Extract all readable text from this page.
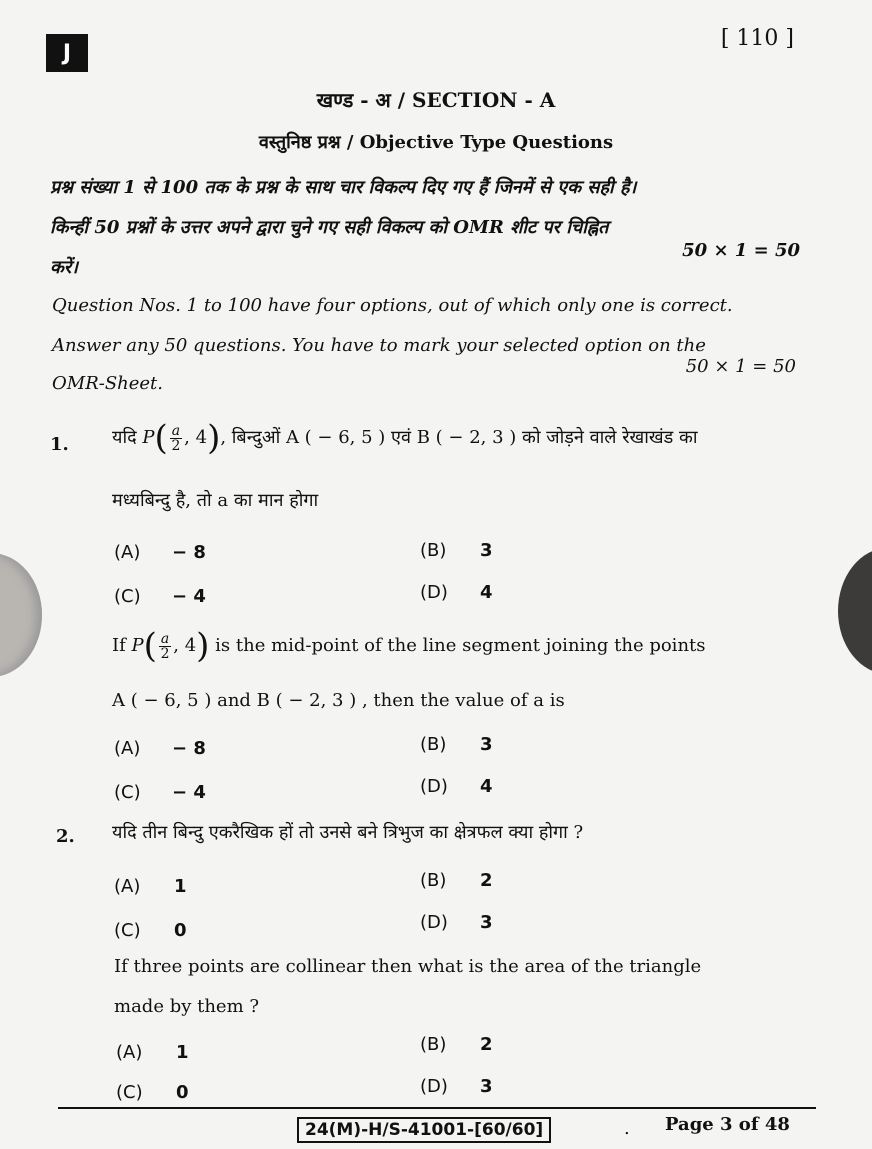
J
[ 110 ]
खण्ड - अ / SECTION - A
वस्तुनिष्ठ प्रश्न / Objective Type Questions
प्रश्न संख्या 1 से 100 तक के प्रश्न के साथ चार विकल्प दिए गए हैं जिनमें से एक सही है।
किन्हीं 50 प्रश्नों के उत्तर अपने द्वारा चुने गए सही विकल्प को OMR शीट पर चिह्नित
करें।
50 × 1 = 50
Question Nos. 1 to 100 have four options, out of which only one is correct.
Answer any 50 questions. You have to mark your selected option on the
OMR-Sheet.
50 × 1 = 50
1. यदि $P( \frac{a}{2}$ , 4), बिन्दुओं A ( − 6, 5 ) एवं B ( − 2, 3 ) को जोड़ने वाले रेखाखंड का
मध्यबिन्दु है, तो a का मान होगा
(A) − 8	(B) 3
(C) − 4	(D) 4
If $P( \frac{a}{2}$ , 4) is the mid-point of the line segment joining the points
A ( − 6, 5 ) and B ( − 2, 3 ) , then the value of a is
(A) − 8	(B) 3
(C) − 4	(D) 4
2. यदि तीन बिन्दु एकरैखिक हों तो उनसे बने त्रिभुज का क्षेत्रफल क्या होगा ?
(A) 1	(B) 2
(C) 0	(D) 3
If three points are collinear then what is the area of the triangle
made by them ?
(A) 1	(B) 2
(C) 0	(D) 3
24(M)-H/S-41001-[60/60]	. Page 3 of 48
